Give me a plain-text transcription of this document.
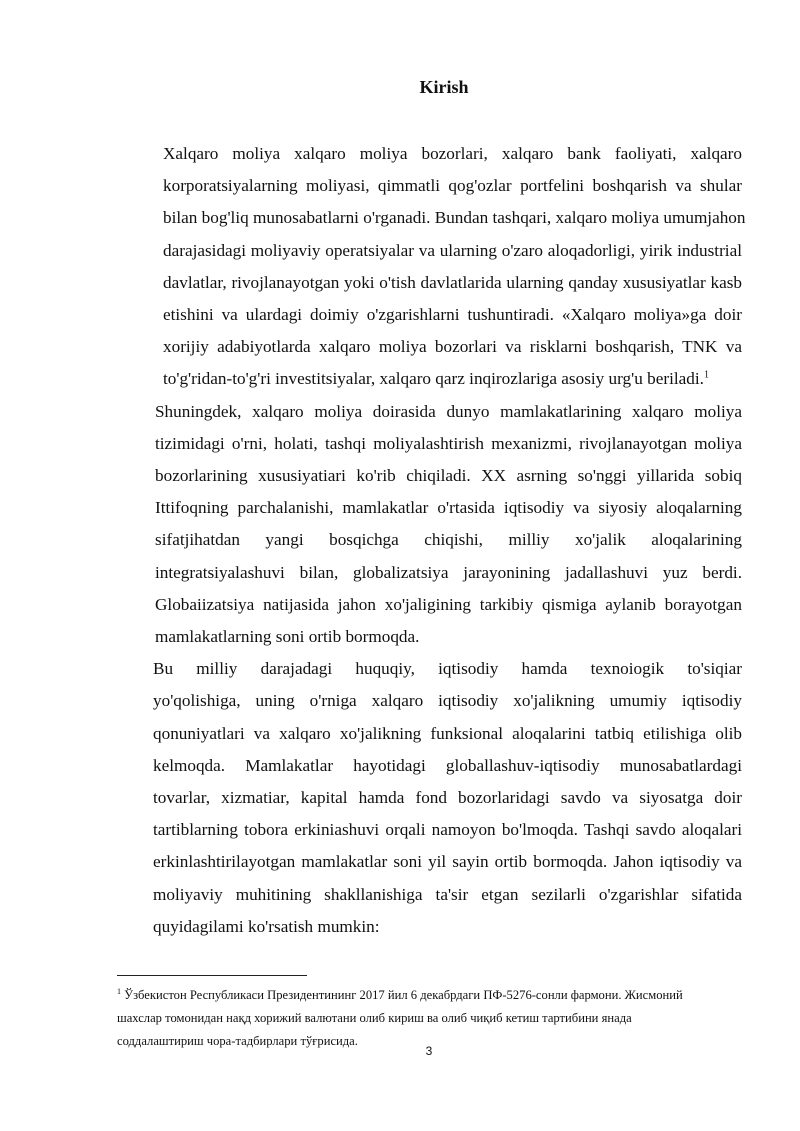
Kirish

Xalqaro moliya xalqaro moliya bozorlari, xalqaro bank faoliyati, xalqaro
korporatsiyalarning moliyasi, qimmatli qog'ozlar portfelini boshqarish va shular
bilan bog'liq munosabatlarni o'rganadi. Bundan tashqari, xalqaro moliya umumjahon
darajasidagi moliyaviy operatsiyalar va ularning o'zaro aloqadorligi, yirik industrial
davlatlar, rivojlanayotgan yoki o'tish davlatlarida ularning qanday xususiyatlar kasb
etishini va ulardagi doimiy o'zgarishlarni tushuntiradi. «Xalqaro moliya»ga doir
xorijiy adabiyotlarda xalqaro moliya bozorlari va risklarni boshqarish, TNK va
to'g'ridan-to'g'ri investitsiyalar, xalqaro qarz inqirozlariga asosiy urg'u beriladi.$^1$

Shuningdek, xalqaro moliya doirasida dunyo mamlakatlarining xalqaro moliya
tizimidagi o'rni, holati, tashqi moliyalashtirish mexanizmi, rivojlanayotgan moliya
bozorlarining xususiyatiari ko'rib chiqiladi. XX asrning so'nggi yillarida sobiq
Ittifoqning parchalanishi, mamlakatlar o'rtasida iqtisodiy va siyosiy aloqalarning
sifatjihatdan yangi bosqichga chiqishi, milliy xo'jalik aloqalarining
integratsiyalashuvi bilan, globalizatsiya jarayonining jadallashuvi yuz berdi.
Globaiizatsiya natijasida jahon xo'jaligining tarkibiy qismiga aylanib borayotgan
mamlakatlarning soni ortib bormoqda.

Bu milliy darajadagi huquqiy, iqtisodiy hamda texnoiogik to'siqiar
yo'qolishiga, uning o'rniga xalqaro iqtisodiy xo'jalikning umumiy iqtisodiy
qonuniyatlari va xalqaro xo'jalikning funksional aloqalarini tatbiq etilishiga olib
kelmoqda. Mamlakatlar hayotidagi globallashuv-iqtisodiy munosabatlardagi
tovarlar, xizmatiar, kapital hamda fond bozorlaridagi savdo va siyosatga doir
tartiblarning tobora erkiniashuvi orqali namoyon bo'lmoqda. Tashqi savdo aloqalari
erkinlashtirilayotgan mamlakatlar soni yil sayin ortib bormoqda. Jahon iqtisodiy va
moliyaviy muhitining shakllanishiga ta'sir etgan sezilarli o'zgarishlar sifatida
quyidagilami ko'rsatish mumkin:

$^1$ Ўзбекистон Республикаси Президентининг 2017 йил 6 декабрдаги ПФ-5276-сонли фармони. Жисмоний
шахслар томонидан нақд хорижий валютани олиб кириш ва олиб чиқиб кетиш тартибини янада
соддалаштириш чора-тадбирлари тўғрисида.
3
